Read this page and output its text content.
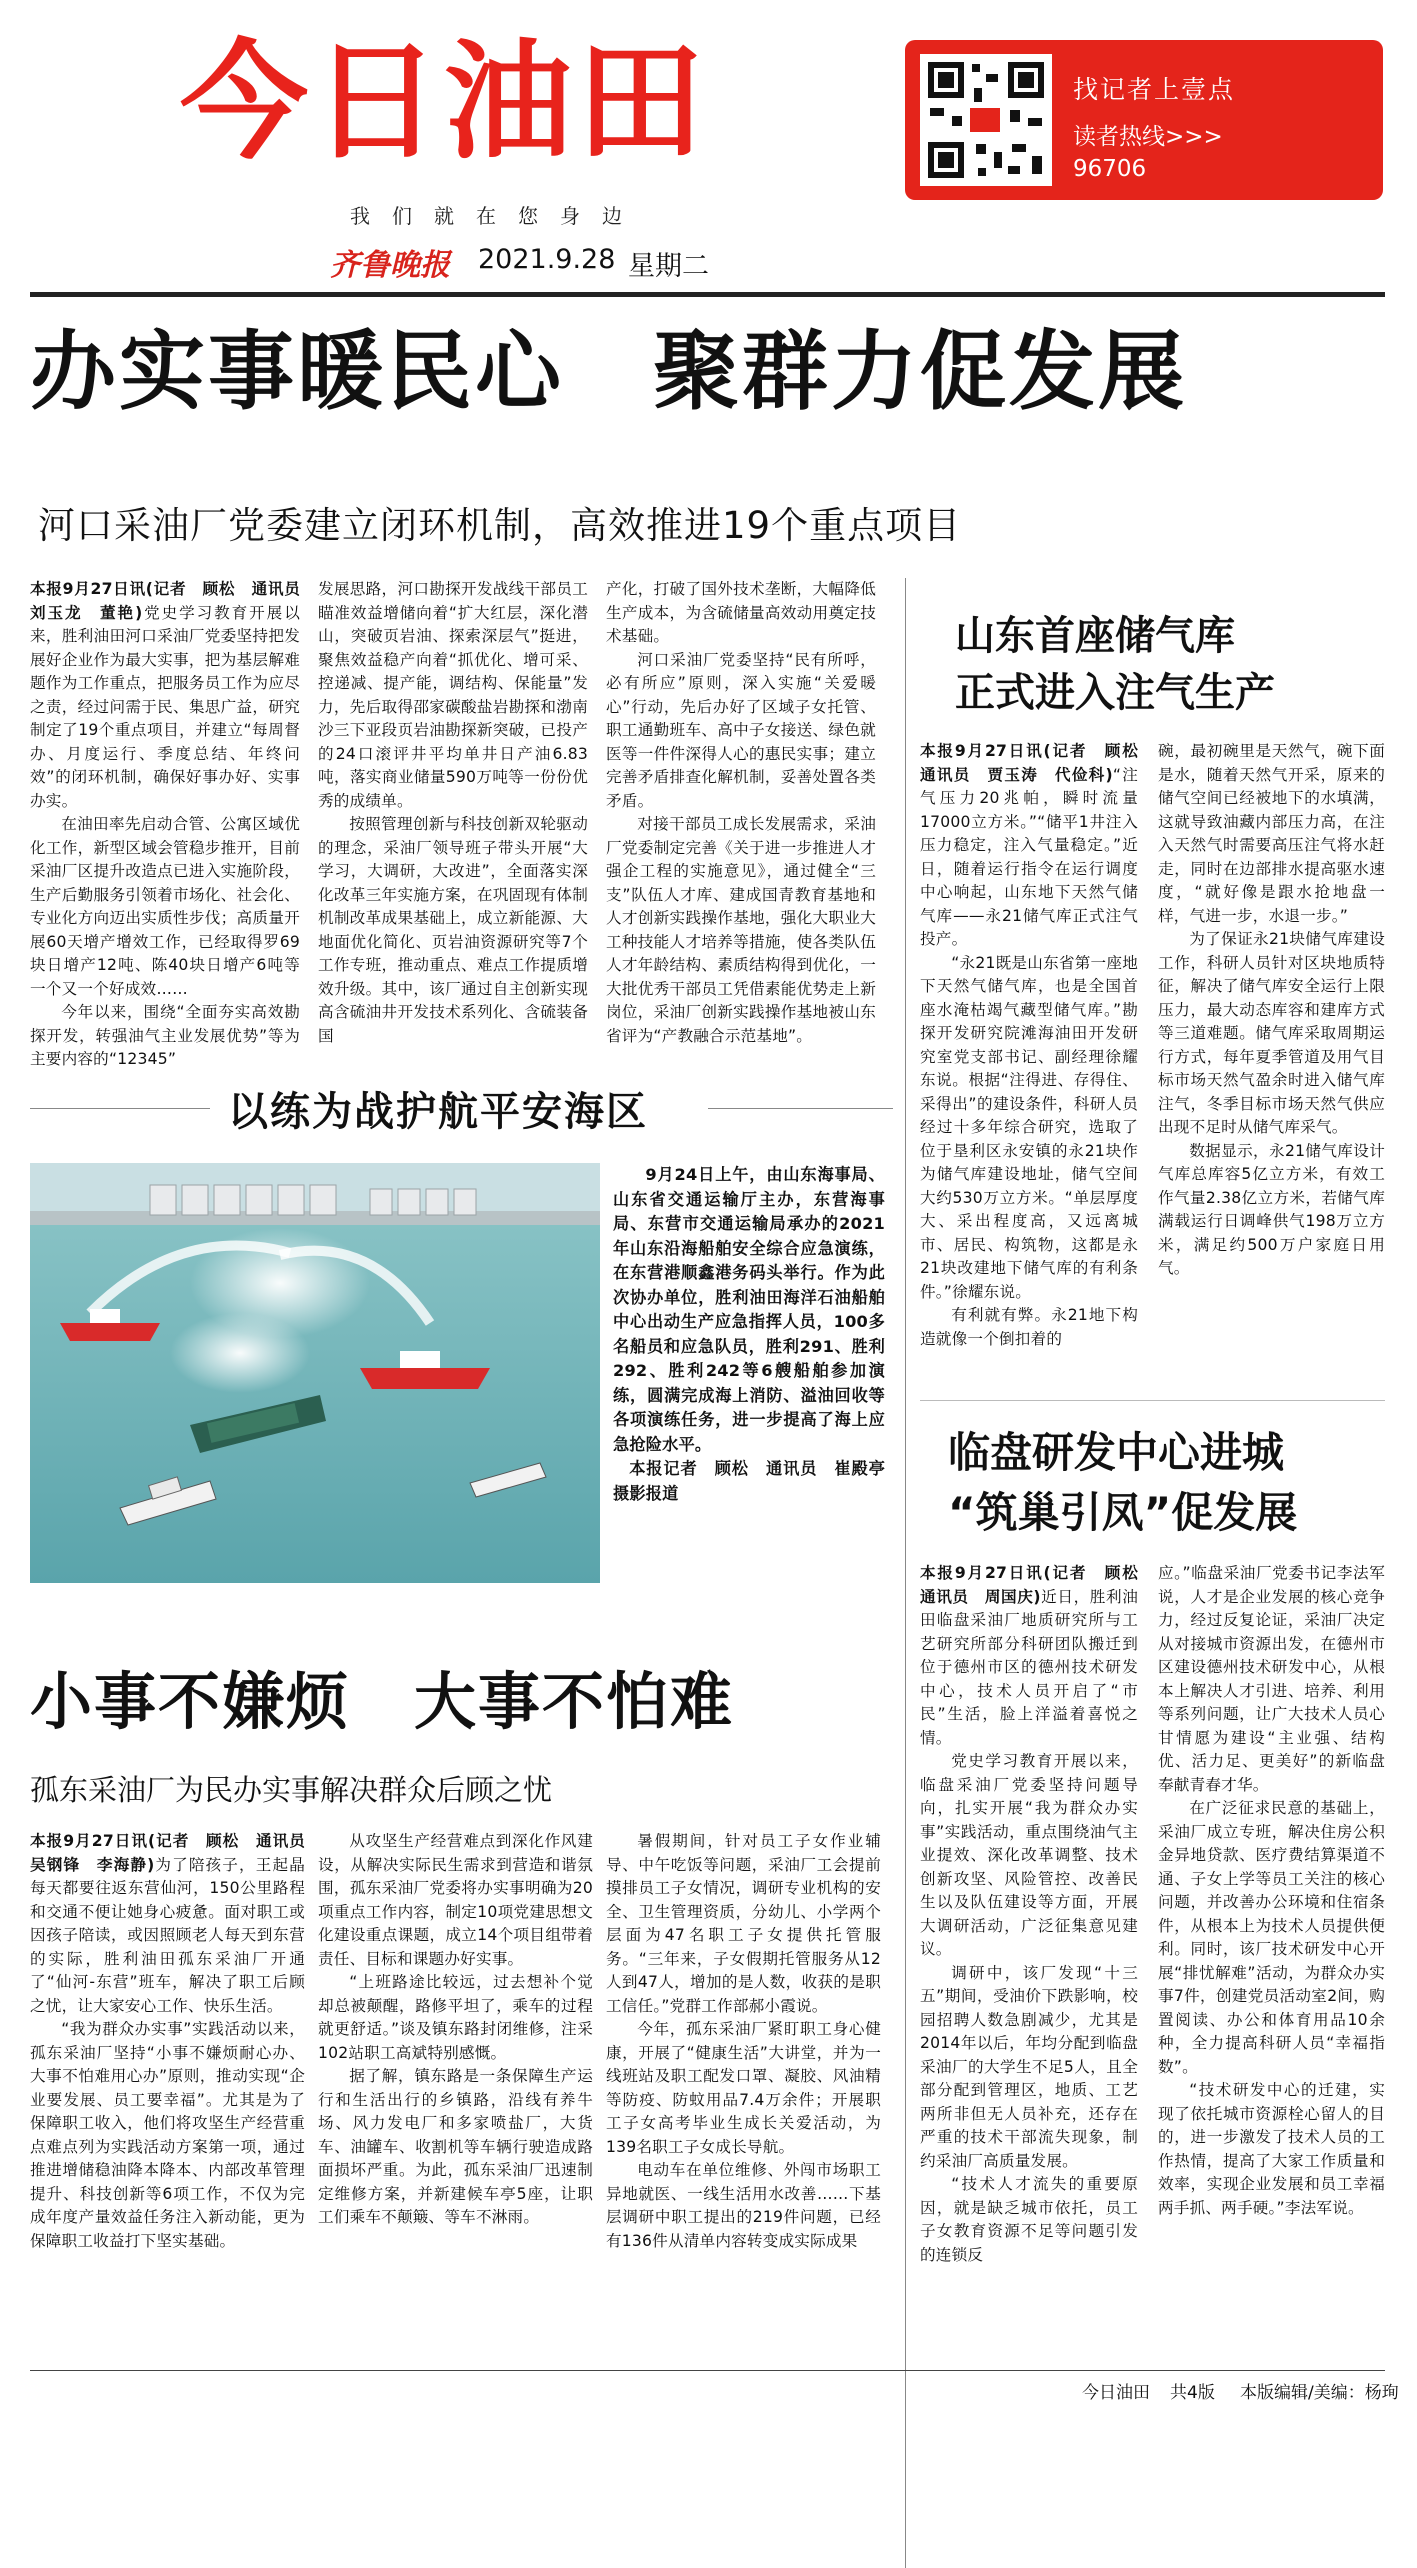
今日油田
我们就在您身边
齐鲁晚报 2021.9.28 星期二
找记者上壹点
读者热线>>>
96706
办实事暖民心　聚群力促发展
河口采油厂党委建立闭环机制，高效推进19个重点项目

本报9月27日讯(记者　顾松　通讯员　刘玉龙　董艳)党史学习教育开展以来，胜利油田河口采油厂党委坚持把发展好企业作为最大实事，把为基层解难题作为工作重点，把服务员工作为应尽之责，经过问需于民、集思广益，研究制定了19个重点项目，并建立“每周督办、月度运行、季度总结、年终问效”的闭环机制，确保好事办好、实事办实。

在油田率先启动合管、公寓区域优化工作，新型区域会管稳步推开，目前采油厂区提升改造点已进入实施阶段，生产后勤服务引领着市场化、社会化、专业化方向迈出实质性步伐；高质量开展60天增产增效工作，已经取得罗69块日增产12吨、陈40块日增产6吨等一个又一个好成效……

今年以来，围绕“全面夯实高效勘探开发，转强油气主业发展优势”等为主要内容的“12345”

发展思路，河口勘探开发战线干部员工瞄准效益增储向着“扩大红层，深化潜山，突破页岩油、探索深层气”挺进，聚焦效益稳产向着“抓优化、增可采、控递减、提产能，调结构、保能量”发力，先后取得邵家碳酸盐岩勘探和渤南沙三下亚段页岩油勘探新突破，已投产的24口滚评井平均单井日产油6.83吨，落实商业储量590万吨等一份份优秀的成绩单。

按照管理创新与科技创新双轮驱动的理念，采油厂领导班子带头开展“大学习，大调研，大改进”，全面落实深化改革三年实施方案，在巩固现有体制机制改革成果基础上，成立新能源、大地面优化简化、页岩油资源研究等7个工作专班，推动重点、难点工作提质增效升级。其中，该厂通过自主创新实现高含硫油井开发技术系列化、含硫装备国

产化，打破了国外技术垄断，大幅降低生产成本，为含硫储量高效动用奠定技术基础。

河口采油厂党委坚持“民有所呼，必有所应”原则，深入实施“关爱暖心”行动，先后办好了区域子女托管、职工通勤班车、高中子女接送、绿色就医等一件件深得人心的惠民实事；建立完善矛盾排查化解机制，妥善处置各类矛盾。

对接干部员工成长发展需求，采油厂党委制定完善《关于进一步推进人才强企工程的实施意见》，通过健全“三支”队伍人才库、建成国青教育基地和人才创新实践操作基地，强化大职业大工种技能人才培养等措施，使各类队伍人才年龄结构、素质结构得到优化，一大批优秀干部员工凭借素能优势走上新岗位，采油厂创新实践操作基地被山东省评为“产教融合示范基地”。

以练为战护航平安海区

9月24日上午，由山东海事局、山东省交通运输厅主办，东营海事局、东营市交通运输局承办的2021年山东沿海船舶安全综合应急演练，在东营港顺鑫港务码头举行。作为此次协办单位，胜利油田海洋石油船舶中心出动生产应急指挥人员，100多名船员和应急队员，胜利291、胜利292、胜利242等6艘船舶参加演练，圆满完成海上消防、溢油回收等各项演练任务，进一步提高了海上应急抢险水平。

本报记者　顾松　通讯员　崔殿亭　摄影报道

小事不嫌烦　大事不怕难
孤东采油厂为民办实事解决群众后顾之忧

本报9月27日讯(记者　顾松　通讯员　吴钢锋　李海静)为了陪孩子，王起晶每天都要往返东营仙河，150公里路程和交通不便让她身心疲惫。面对职工或因孩子陪读，或因照顾老人每天到东营的实际，胜利油田孤东采油厂开通了“仙河-东营”班车，解决了职工后顾之忧，让大家安心工作、快乐生活。

“我为群众办实事”实践活动以来，孤东采油厂坚持“小事不嫌烦耐心办、大事不怕难用心办”原则，推动实现“企业要发展、员工要幸福”。尤其是为了保障职工收入，他们将攻坚生产经营重点难点列为实践活动方案第一项，通过推进增储稳油降本降本、内部改革管理提升、科技创新等6项工作，不仅为完成年度产量效益任务注入新动能，更为保障职工收益打下坚实基础。

从攻坚生产经营难点到深化作风建设，从解决实际民生需求到营造和谐氛围，孤东采油厂党委将办实事明确为20项重点工作内容，制定10项党建思想文化建设重点课题，成立14个项目组带着责任、目标和课题办好实事。

“上班路途比较远，过去想补个觉却总被颠醒，路修平坦了，乘车的过程就更舒适。”谈及镇东路封闭维修，注采102站职工高斌特别感慨。

据了解，镇东路是一条保障生产运行和生活出行的乡镇路，沿线有养牛场、风力发电厂和多家喷盐厂，大货车、油罐车、收割机等车辆行驶造成路面损坏严重。为此，孤东采油厂迅速制定维修方案，并新建候车亭5座，让职工们乘车不颠簸、等车不淋雨。

暑假期间，针对员工子女作业辅导、中午吃饭等问题，采油厂工会提前摸排员工子女情况，调研专业机构的安全、卫生管理资质，分幼儿、小学两个层面为47名职工子女提供托管服务。“三年来，子女假期托管服务从12人到47人，增加的是人数，收获的是职工信任。”党群工作部郝小霞说。

今年，孤东采油厂紧盯职工身心健康，开展了“健康生活”大讲堂，并为一线班站及职工配发口罩、凝胶、风油精等防疫、防蚊用品7.4万余件；开展职工子女高考毕业生成长关爱活动，为139名职工子女成长导航。

电动车在单位维修、外闯市场职工异地就医、一线生活用水改善……下基层调研中职工提出的219件问题，已经有136件从清单内容转变成实际成果

山东首座储气库
正式进入注气生产

本报9月27日讯(记者　顾松　通讯员　贾玉涛　代俭科)“注气压力20兆帕，瞬时流量17000立方米。”“储平1井注入压力稳定，注入气量稳定。”近日，随着运行指令在运行调度中心响起，山东地下天然气储气库——永21储气库正式注气投产。

“永21既是山东省第一座地下天然气储气库，也是全国首座水淹枯竭气藏型储气库。”勘探开发研究院滩海油田开发研究室党支部书记、副经理徐耀东说。根据“注得进、存得住、采得出”的建设条件，科研人员经过十多年综合研究，选取了位于垦利区永安镇的永21块作为储气库建设地址，储气空间大约530万立方米。“单层厚度大、采出程度高，又远离城市、居民、构筑物，这都是永21块改建地下储气库的有利条件。”徐耀东说。

有利就有弊。永21地下构造就像一个倒扣着的

碗，最初碗里是天然气，碗下面是水，随着天然气开采，原来的储气空间已经被地下的水填满，这就导致油藏内部压力高，在注入天然气时需要高压注气将水赶走，同时在边部排水提高驱水速度，“就好像是跟水抢地盘一样，气进一步，水退一步。”

为了保证永21块储气库建设工作，科研人员针对区块地质特征，解决了储气库安全运行上限压力，最大动态库容和建库方式等三道难题。储气库采取周期运行方式，每年夏季管道及用气目标市场天然气盈余时进入储气库注气，冬季目标市场天然气供应出现不足时从储气库采气。

数据显示，永21储气库设计气库总库容5亿立方米，有效工作气量2.38亿立方米，若储气库满载运行日调峰供气198万立方米，满足约500万户家庭日用气。

临盘研发中心进城
“筑巢引凤”促发展

本报9月27日讯(记者　顾松　通讯员　周国庆)近日，胜利油田临盘采油厂地质研究所与工艺研究所部分科研团队搬迁到位于德州市区的德州技术研发中心，技术人员开启了“市民”生活，脸上洋溢着喜悦之情。

党史学习教育开展以来，临盘采油厂党委坚持问题导向，扎实开展“我为群众办实事”实践活动，重点围绕油气主业提效、深化改革调整、技术创新攻坚、风险管控、改善民生以及队伍建设等方面，开展大调研活动，广泛征集意见建议。

调研中，该厂发现“十三五”期间，受油价下跌影响，校园招聘人数急剧减少，尤其是2014年以后，年均分配到临盘采油厂的大学生不足5人，且全部分配到管理区，地质、工艺两所非但无人员补充，还存在严重的技术干部流失现象，制约采油厂高质量发展。

“技术人才流失的重要原因，就是缺乏城市依托，员工子女教育资源不足等问题引发的连锁反

应。”临盘采油厂党委书记李法军说，人才是企业发展的核心竞争力，经过反复论证，采油厂决定从对接城市资源出发，在德州市区建设德州技术研发中心，从根本上解决人才引进、培养、利用等系列问题，让广大技术人员心甘情愿为建设“主业强、结构优、活力足、更美好”的新临盘奉献青春才华。

在广泛征求民意的基础上，采油厂成立专班，解决住房公积金异地贷款、医疗费结算渠道不通、子女上学等员工关注的核心问题，并改善办公环境和住宿条件，从根本上为技术人员提供便利。同时，该厂技术研发中心开展“排忧解难”活动，为群众办实事7件，创建党员活动室2间，购置阅读、办公和体育用品10余种，全力提高科研人员“幸福指数”。

“技术研发中心的迁建，实现了依托城市资源栓心留人的目的，进一步激发了技术人员的工作热情，提高了大家工作质量和效率，实现企业发展和员工幸福两手抓、两手硬。”李法军说。

今日油田 共4版 本版编辑/美编：杨珣
